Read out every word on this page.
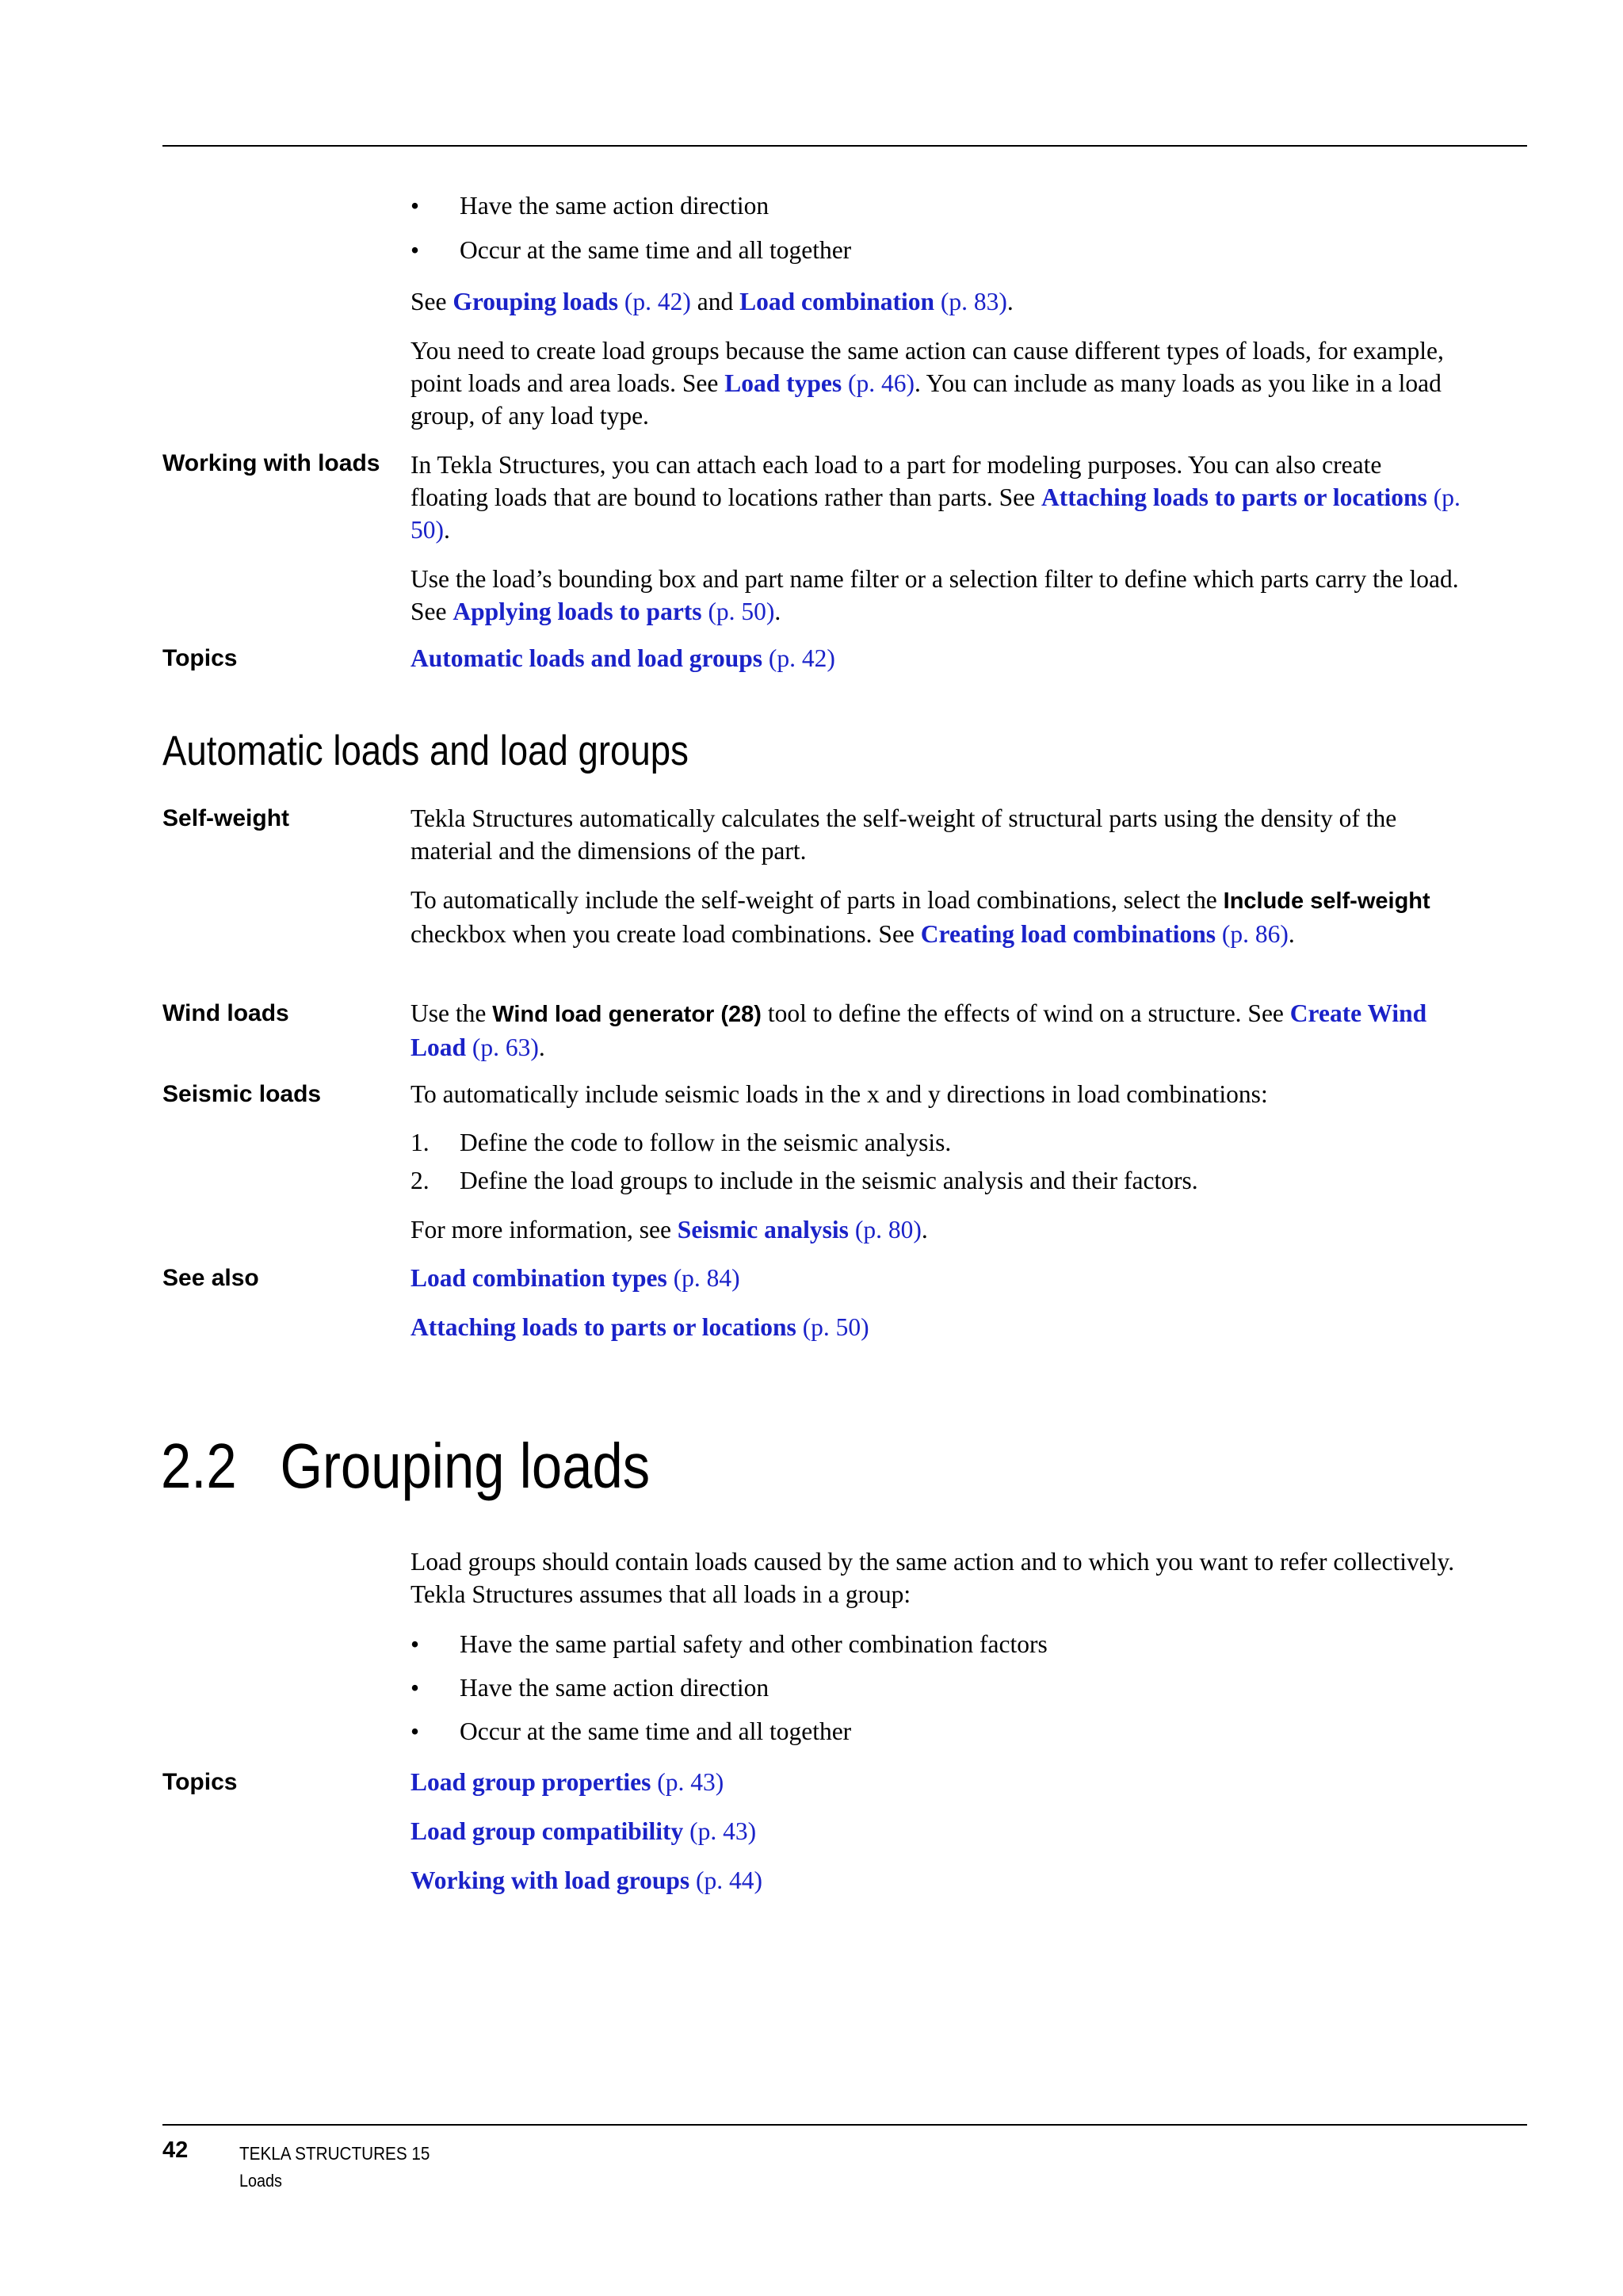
• Have the same action direction
• Occur at the same time and all together

See Grouping loads (p. 42) and Load combination (p. 83).

You need to create load groups because the same action can cause different types of loads, for example, point loads and area loads. See Load types (p. 46). You can include as many loads as you like in a load group, of any load type.

Working with loads	In Tekla Structures, you can attach each load to a part for modeling purposes. You can also create floating loads that are bound to locations rather than parts. See Attaching loads to parts or locations (p. 50).

Use the load’s bounding box and part name filter or a selection filter to define which parts carry the load. See Applying loads to parts (p. 50).

Topics	Automatic loads and load groups (p. 42)

Automatic loads and load groups
Self-weight	Tekla Structures automatically calculates the self-weight of structural parts using the density of the material and the dimensions of the part.

To automatically include the self-weight of parts in load combinations, select the Include self-weight checkbox when you create load combinations. See Creating load combinations (p. 86).

Wind loads	Use the Wind load generator (28) tool to define the effects of wind on a structure. See Create Wind Load (p. 63).

Seismic loads	To automatically include seismic loads in the x and y directions in load combinations:

1. Define the code to follow in the seismic analysis.
2. Define the load groups to include in the seismic analysis and their factors.

For more information, see Seismic analysis (p. 80).

See also	Load combination types (p. 84)

Attaching loads to parts or locations (p. 50)

2.2 Grouping loads

Load groups should contain loads caused by the same action and to which you want to refer collectively. Tekla Structures assumes that all loads in a group:

• Have the same partial safety and other combination factors
• Have the same action direction
• Occur at the same time and all together
Topics	Load group properties (p. 43)

Load group compatibility (p. 43)

Working with load groups (p. 44)

42	TEKLA STRUCTURES 15
Loads
